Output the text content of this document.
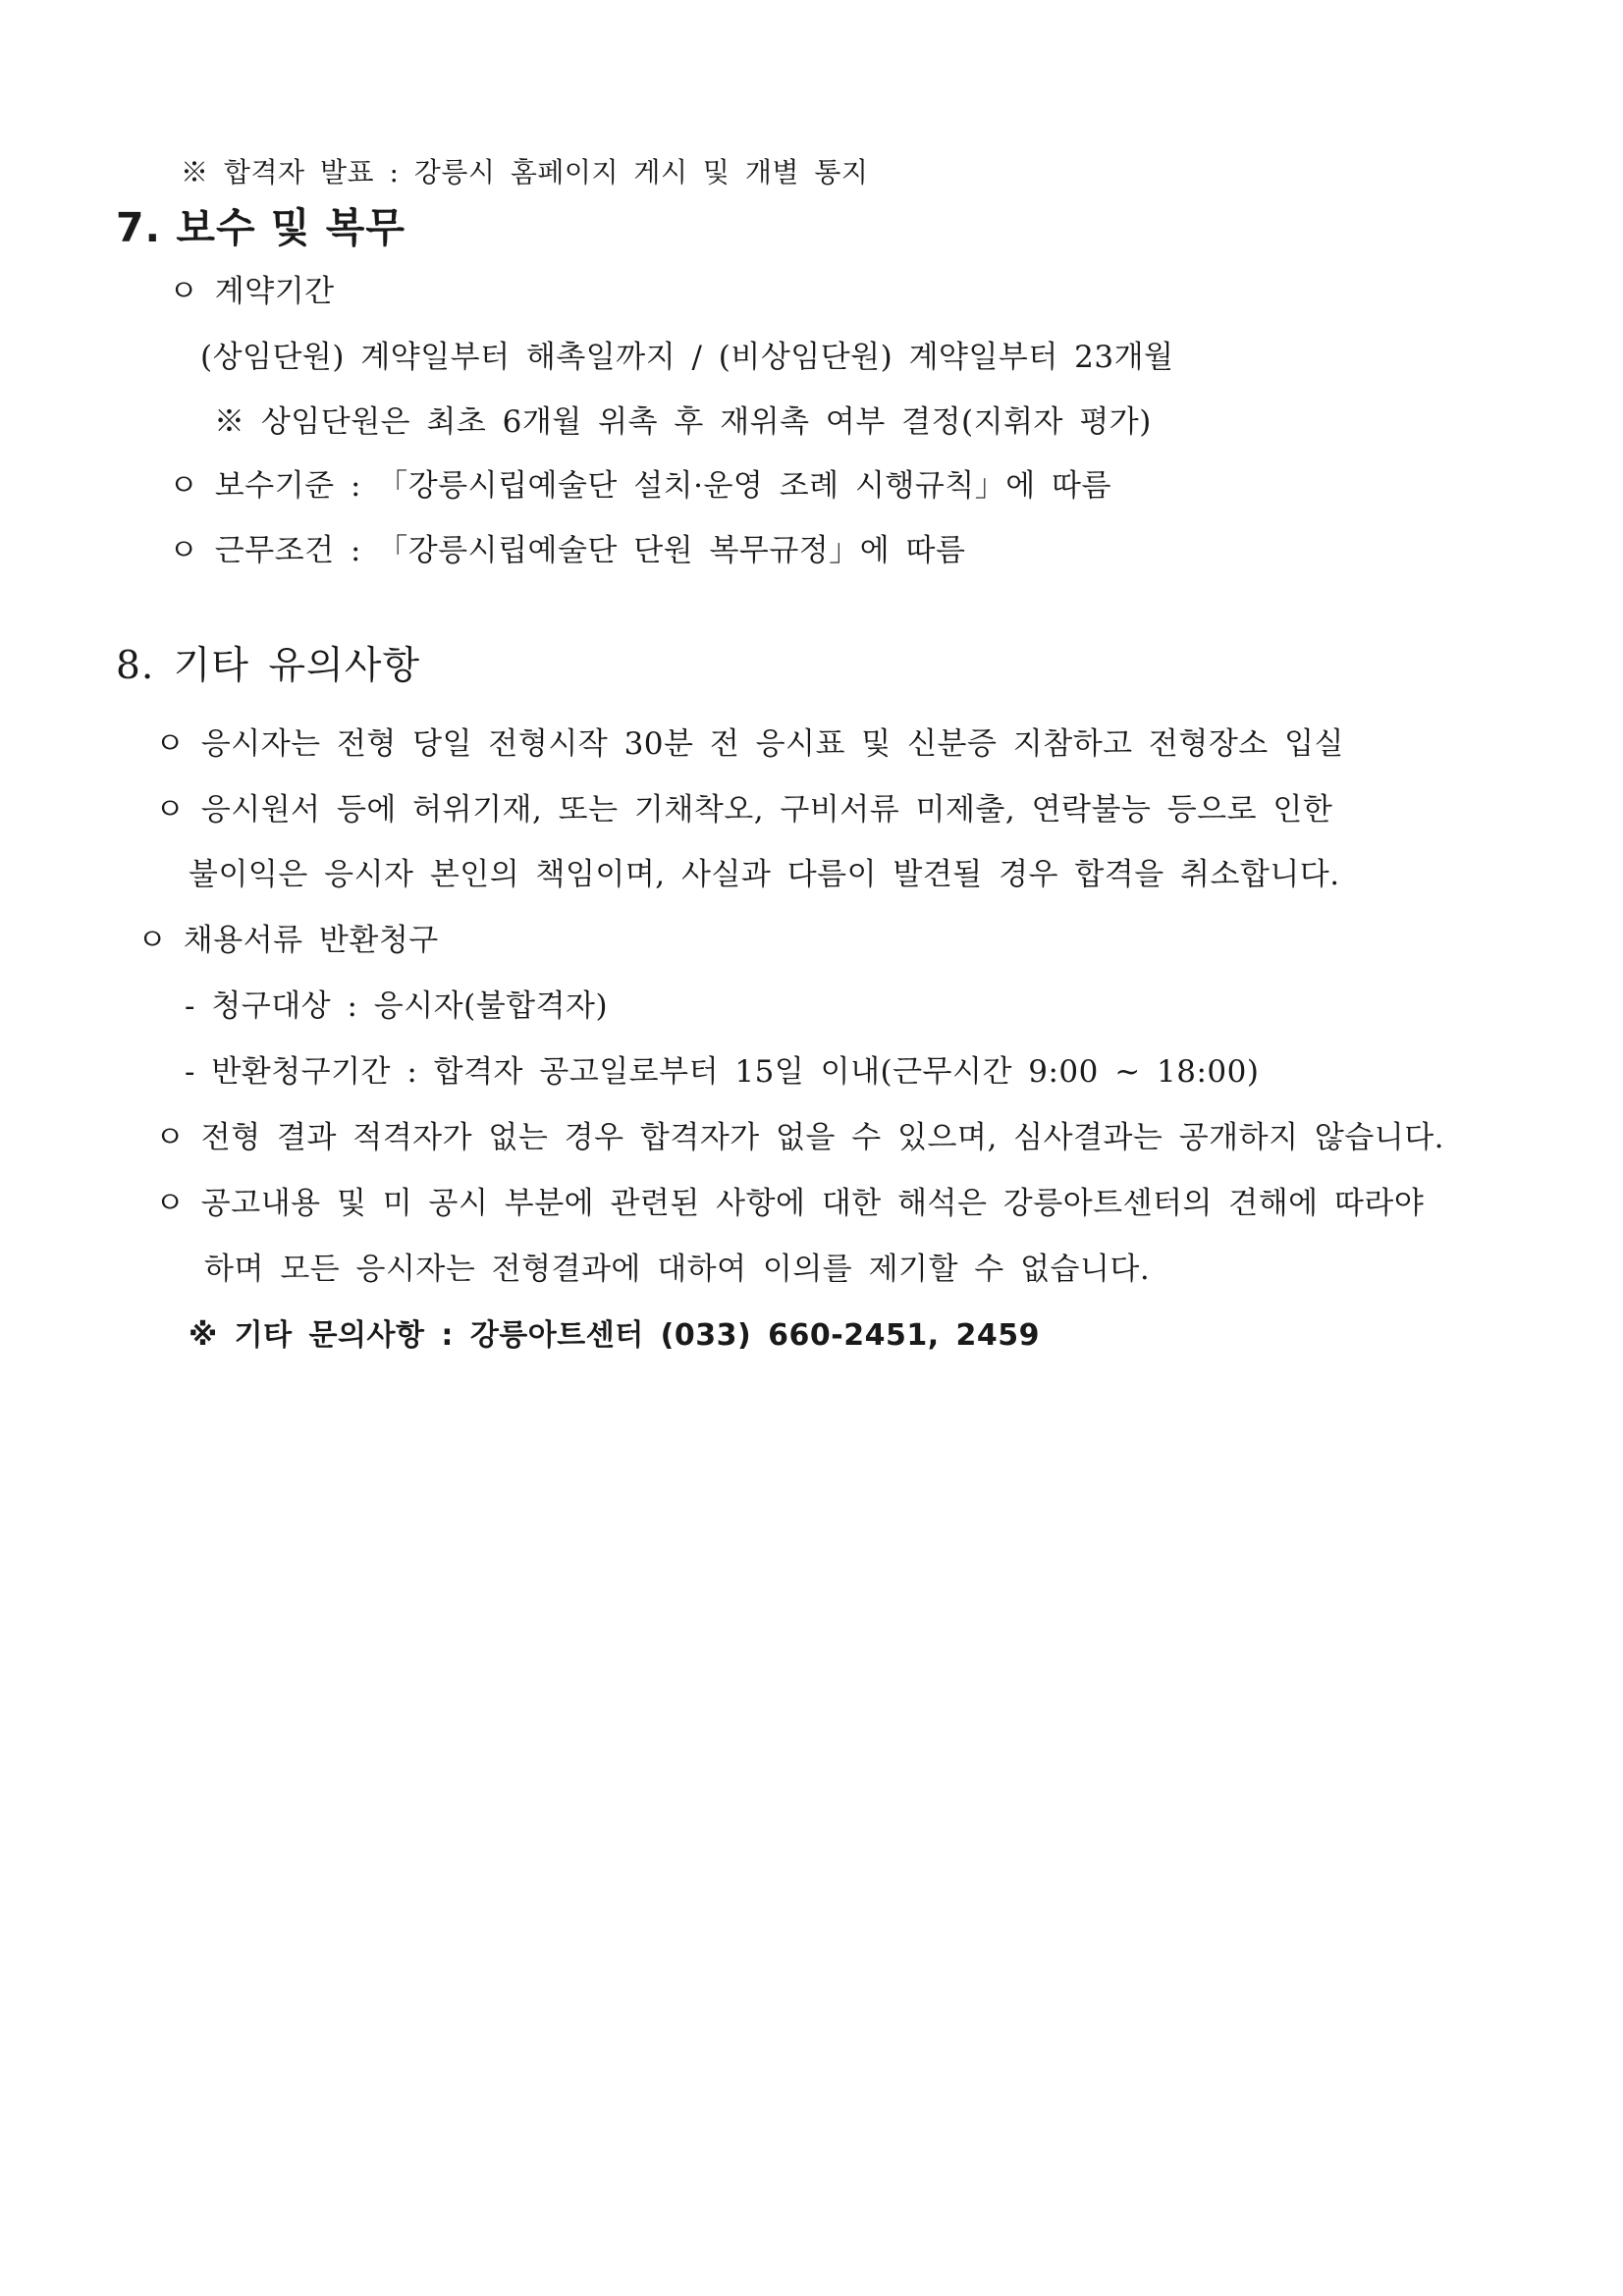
※ 합격자 발표 : 강릉시 홈페이지 게시 및 개별 통지
7. 보수 및 복무
ㅇ 계약기간
(상임단원) 계약일부터 해촉일까지 / (비상임단원) 계약일부터 23개월
※ 상임단원은 최초 6개월 위촉 후 재위촉 여부 결정(지휘자 평가)
ㅇ 보수기준 : 「강릉시립예술단 설치·운영 조례 시행규칙」에 따름
ㅇ 근무조건 : 「강릉시립예술단 단원 복무규정」에 따름
8. 기타 유의사항
ㅇ 응시자는 전형 당일 전형시작 30분 전 응시표 및 신분증 지참하고 전형장소 입실
ㅇ 응시원서 등에 허위기재, 또는 기채착오, 구비서류 미제출, 연락불능 등으로 인한
불이익은 응시자 본인의 책임이며, 사실과 다름이 발견될 경우 합격을 취소합니다.
ㅇ 채용서류 반환청구
- 청구대상 : 응시자(불합격자)
- 반환청구기간 : 합격자 공고일로부터 15일 이내(근무시간 9:00 ~ 18:00)
ㅇ 전형 결과 적격자가 없는 경우 합격자가 없을 수 있으며, 심사결과는 공개하지 않습니다.
ㅇ 공고내용 및 미 공시 부분에 관련된 사항에 대한 해석은 강릉아트센터의 견해에 따라야
하며 모든 응시자는 전형결과에 대하여 이의를 제기할 수 없습니다.
※ 기타 문의사항 : 강릉아트센터 (033) 660-2451, 2459
